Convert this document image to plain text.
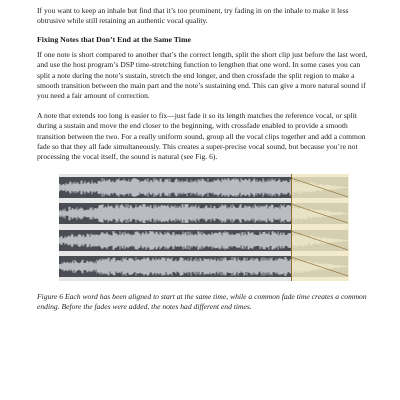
If you want to keep an inhale but find that it’s too prominent, try fading in on the inhale to make it less obtrusive while still retaining an authentic vocal quality.

Fixing Notes that Don’t End at the Same Time

If one note is short compared to another that’s the correct length, split the short clip just before the last word, and use the host program’s DSP time-stretching function to lengthen that one word. In some cases you can split a note during the note’s sustain, stretch the end longer, and then crossfade the split region to make a smooth transition between the main part and the note’s sustaining end. This can give a more natural sound if you need a fair amount of correction.

A note that extends too long is easier to fix—just fade it so its length matches the reference vocal, or split during a sustain and move the end closer to the beginning, with crossfade enabled to provide a smooth transition between the two. For a really uniform sound, group all the vocal clips together and add a common fade so that they all fade simultaneously. This creates a super-precise vocal sound, but because you’re not processing the vocal itself, the sound is natural (see Fig. 6).

Figure 6 Each word has been aligned to start at the same time, while a common fade time creates a common ending. Before the fades were added, the notes had different end times.
